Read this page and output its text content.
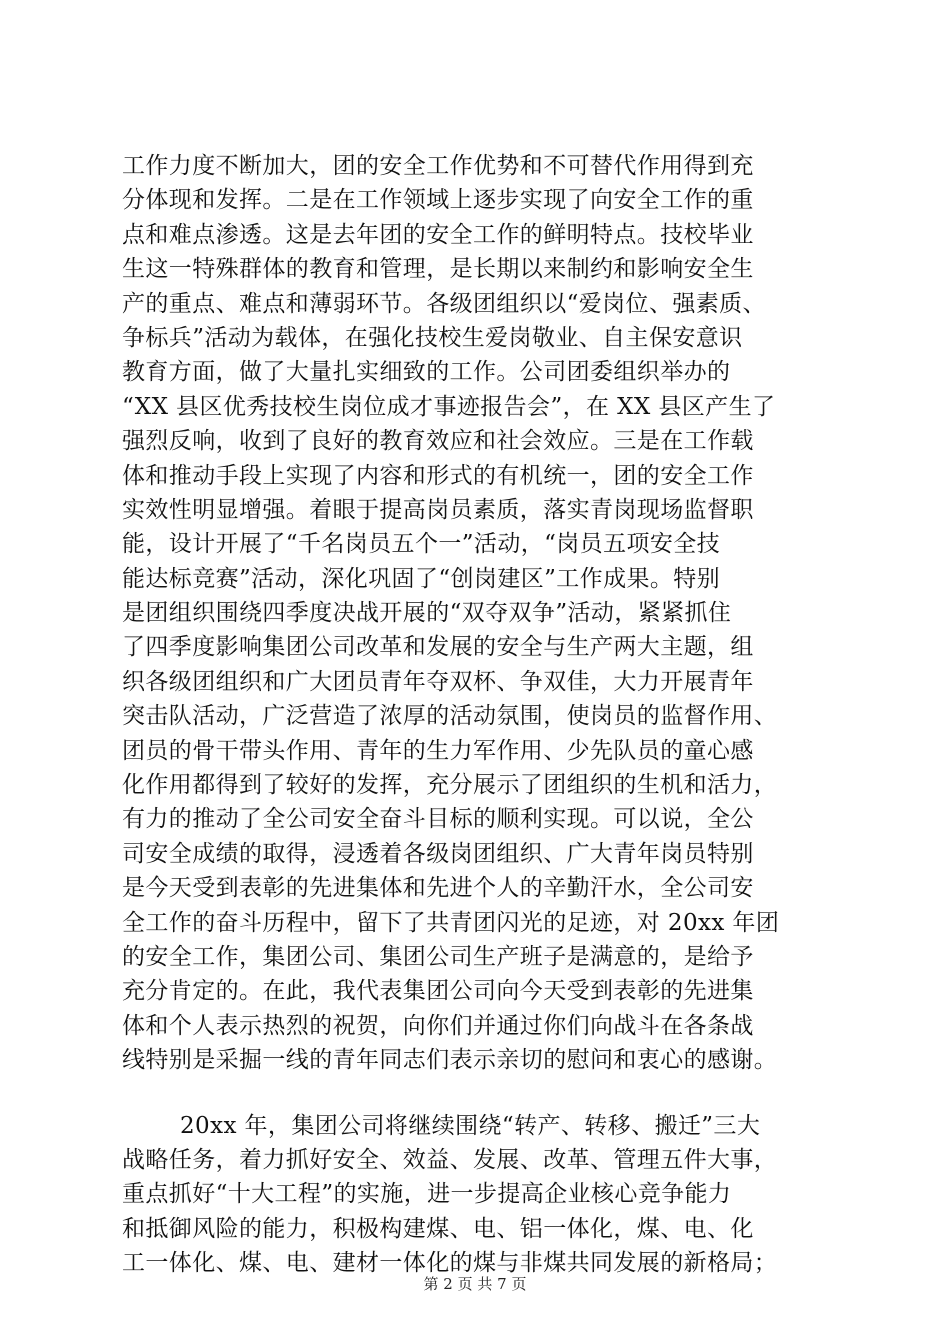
工作力度不断加大，团的安全工作优势和不可替代作用得到充
分体现和发挥。二是在工作领域上逐步实现了向安全工作的重
点和难点渗透。这是去年团的安全工作的鲜明特点。技校毕业
生这一特殊群体的教育和管理，是长期以来制约和影响安全生
产的重点、难点和薄弱环节。各级团组织以“爱岗位、强素质、
争标兵”活动为载体，在强化技校生爱岗敬业、自主保安意识
教育方面，做了大量扎实细致的工作。公司团委组织举办的
“XX 县区优秀技校生岗位成才事迹报告会”，在 XX 县区产生了
强烈反响，收到了良好的教育效应和社会效应。三是在工作载
体和推动手段上实现了内容和形式的有机统一，团的安全工作
实效性明显增强。着眼于提高岗员素质，落实青岗现场监督职
能，设计开展了“千名岗员五个一”活动，“岗员五项安全技
能达标竞赛”活动，深化巩固了“创岗建区”工作成果。特别
是团组织围绕四季度决战开展的“双夺双争”活动，紧紧抓住
了四季度影响集团公司改革和发展的安全与生产两大主题，组
织各级团组织和广大团员青年夺双杯、争双佳，大力开展青年
突击队活动，广泛营造了浓厚的活动氛围，使岗员的监督作用、
团员的骨干带头作用、青年的生力军作用、少先队员的童心感
化作用都得到了较好的发挥，充分展示了团组织的生机和活力，
有力的推动了全公司安全奋斗目标的顺利实现。可以说，全公
司安全成绩的取得，浸透着各级岗团组织、广大青年岗员特别
是今天受到表彰的先进集体和先进个人的辛勤汗水，全公司安
全工作的奋斗历程中，留下了共青团闪光的足迹，对 20xx 年团
的安全工作，集团公司、集团公司生产班子是满意的，是给予
充分肯定的。在此，我代表集团公司向今天受到表彰的先进集
体和个人表示热烈的祝贺，向你们并通过你们向战斗在各条战
线特别是采掘一线的青年同志们表示亲切的慰问和衷心的感谢。
20xx 年，集团公司将继续围绕“转产、转移、搬迁”三大
战略任务，着力抓好安全、效益、发展、改革、管理五件大事，
重点抓好“十大工程”的实施，进一步提高企业核心竞争能力
和抵御风险的能力，积极构建煤、电、铝一体化，煤、电、化
工一体化、煤、电、建材一体化的煤与非煤共同发展的新格局；
第 2 页 共 7 页
